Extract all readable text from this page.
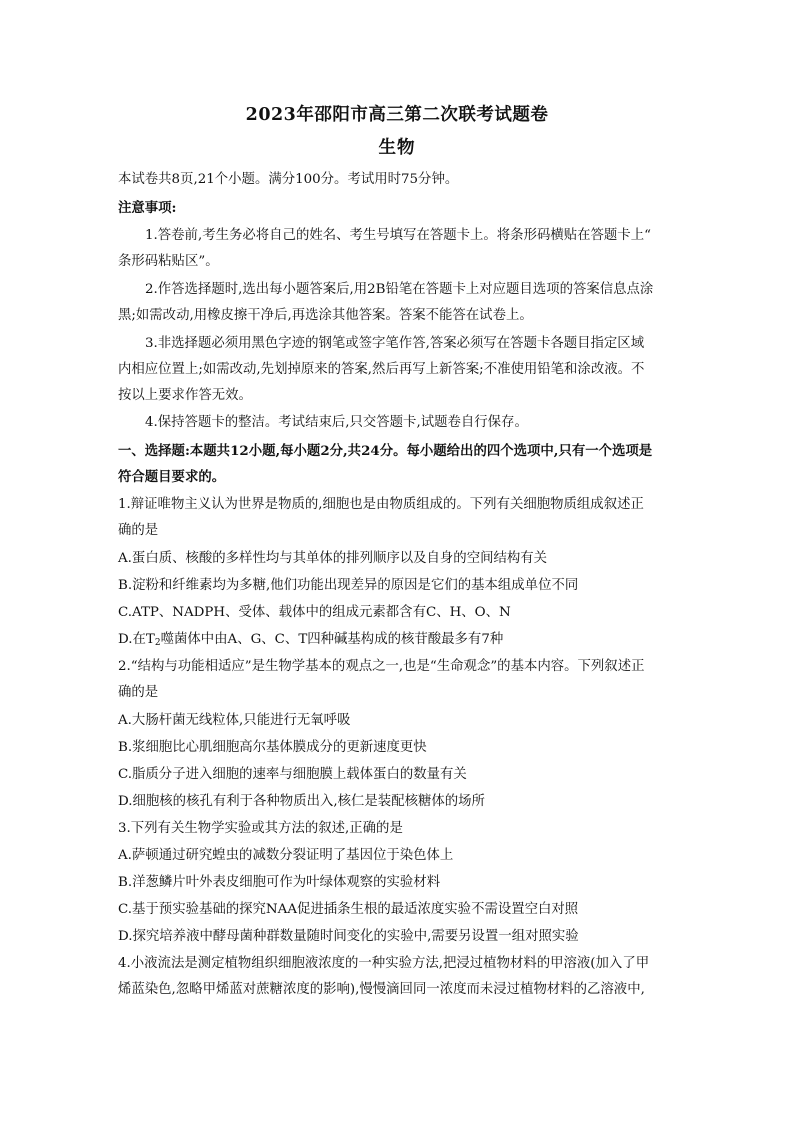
2023年邵阳市高三第二次联考试题卷
生物
本试卷共8页,21个小题。满分100分。考试用时75分钟。
注意事项:
1.答卷前,考生务必将自己的姓名、考生号填写在答题卡上。将条形码横贴在答题卡上“
条形码粘贴区”。
2.作答选择题时,选出每小题答案后,用2B铅笔在答题卡上对应题目选项的答案信息点涂
黑;如需改动,用橡皮擦干净后,再选涂其他答案。答案不能答在试卷上。
3.非选择题必须用黑色字迹的钢笔或签字笔作答,答案必须写在答题卡各题目指定区域
内相应位置上;如需改动,先划掉原来的答案,然后再写上新答案;不准使用铅笔和涂改液。不
按以上要求作答无效。
4.保持答题卡的整洁。考试结束后,只交答题卡,试题卷自行保存。
一、选择题:本题共12小题,每小题2分,共24分。每小题给出的四个选项中,只有一个选项是
符合题目要求的。
1.辩证唯物主义认为世界是物质的,细胞也是由物质组成的。下列有关细胞物质组成叙述正
确的是
A.蛋白质、核酸的多样性均与其单体的排列顺序以及自身的空间结构有关
B.淀粉和纤维素均为多糖,他们功能出现差异的原因是它们的基本组成单位不同
C.ATP、NADPH、受体、载体中的组成元素都含有C、H、O、N
D.在$T_2$噬菌体中由A、G、C、T四种碱基构成的核苷酸最多有7种
2.“结构与功能相适应”是生物学基本的观点之一,也是“生命观念”的基本内容。下列叙述正
确的是
A.大肠杆菌无线粒体,只能进行无氧呼吸
B.浆细胞比心肌细胞高尔基体膜成分的更新速度更快
C.脂质分子进入细胞的速率与细胞膜上载体蛋白的数量有关
D.细胞核的核孔有利于各种物质出入,核仁是装配核糖体的场所
3.下列有关生物学实验或其方法的叙述,正确的是
A.萨顿通过研究蝗虫的减数分裂证明了基因位于染色体上
B.洋葱鳞片叶外表皮细胞可作为叶绿体观察的实验材料
C.基于预实验基础的探究NAA促进插条生根的最适浓度实验不需设置空白对照
D.探究培养液中酵母菌种群数量随时间变化的实验中,需要另设置一组对照实验
4.小液流法是测定植物组织细胞液浓度的一种实验方法,把浸过植物材料的甲溶液(加入了甲
烯蓝染色,忽略甲烯蓝对蔗糖浓度的影响),慢慢滴回同一浓度而未浸过植物材料的乙溶液中,
